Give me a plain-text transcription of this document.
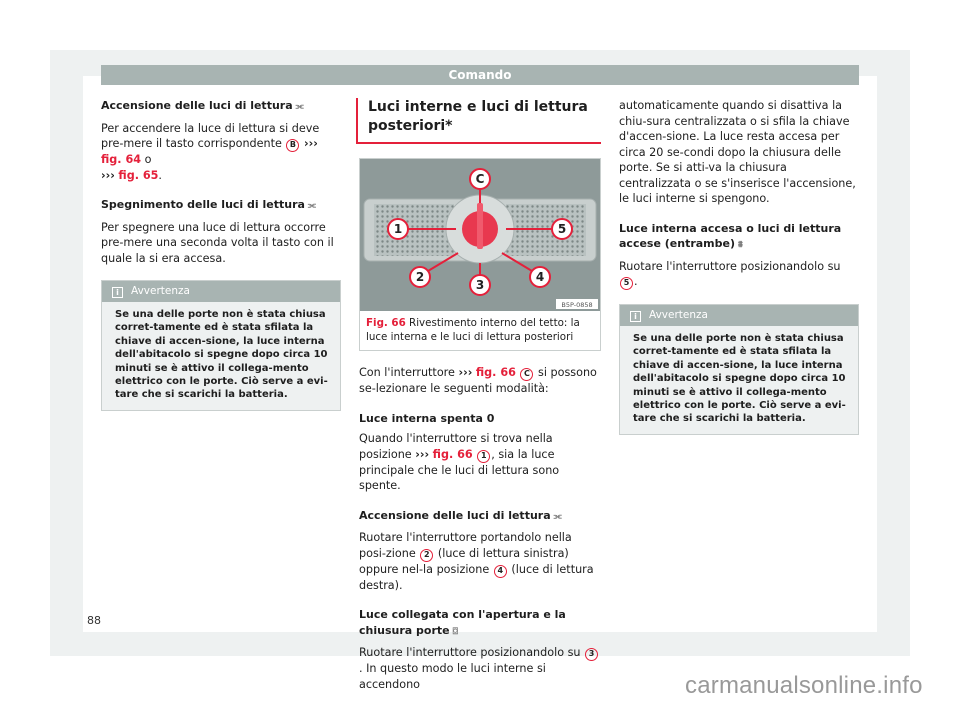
Comando
Accensione delle luci di lettura ⫘
Per accendere la luce di lettura si deve pre-mere il tasto corrispondente B ››› fig. 64 o
››› fig. 65.
Spegnimento delle luci di lettura ⫘
Per spegnere una luce di lettura occorre pre-mere una seconda volta il tasto con il quale la si era accesa.
i Avvertenza
Se una delle porte non è stata chiusa corret-tamente ed è stata sfilata la chiave di accen-sione, la luce interna dell'abitacolo si spegne dopo circa 10 minuti se è attivo il collega-mento elettrico con le porte. Ciò serve a evi-tare che si scarichi la batteria.
Luci interne e luci di lettura posteriori*
C
1	5
2
3
4
B5P-0858
Fig. 66 Rivestimento interno del tetto: la luce interna e le luci di lettura posteriori
Con l'interruttore ››› fig. 66 C si possono se-lezionare le seguenti modalità:
Luce interna spenta 0
Quando l'interruttore si trova nella posizione ››› fig. 66 1 , sia la luce principale che le luci di lettura sono spente.
Accensione delle luci di lettura ⫘
Ruotare l'interruttore portandolo nella posi-zione 2 (luce di lettura sinistra) oppure nel-la posizione 4 (luce di lettura destra).
Luce collegata con l'apertura e la chiusura porte ⌼
Ruotare l'interruttore posizionandolo su 3. In questo modo le luci interne si accendono
automaticamente quando si disattiva la chiu-sura centralizzata o si sfila la chiave d'accen-sione. La luce resta accesa per circa 20 se-condi dopo la chiusura delle porte. Se si atti-va la chiusura centralizzata o se s'inserisce l'accensione, le luci interne si spengono.
Luce interna accesa o luci di lettura accese (entrambe) ⩩
Ruotare l'interruttore posizionandolo su 5 .
i Avvertenza
Se una delle porte non è stata chiusa corret-tamente ed è stata sfilata la chiave di accen-sione, la luce interna dell'abitacolo si spegne dopo circa 10 minuti se è attivo il collega-mento elettrico con le porte. Ciò serve a evi-tare che si scarichi la batteria.
88
carmanualsonline.info
